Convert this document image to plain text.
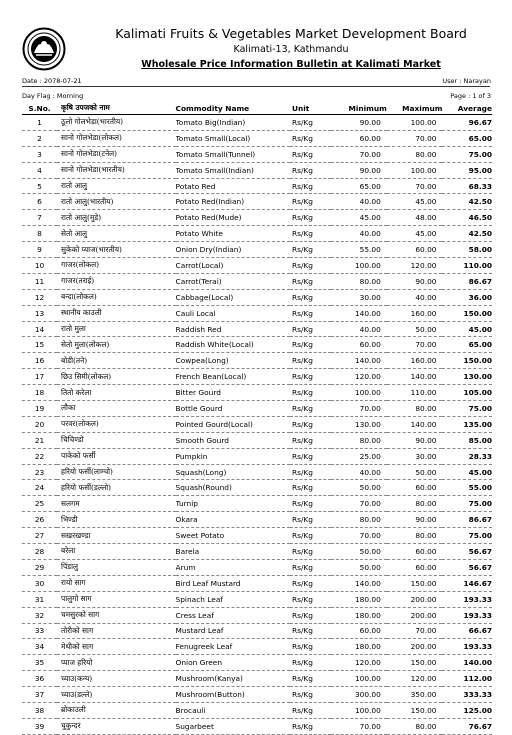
Kalimati Fruits & Vegetables Market Development Board
Kalimati-13, Kathmandu
Wholesale Price Information Bulletin at Kalimati Market
Date : 2078-07-21	User : Narayan
Day Flag : Morning	Page : 1 of 3
S.No.	कृषि उपजको नाम	Commodity Name	Unit	Minimum	Maximum	Average
1	ठूलो गोलभेडा(भारतीय)	Tomato Big(Indian)	Rs/Kg	90.00	100.00	96.67
2	सानो गोलभेडा(लोकल)	Tomato Small(Local)	Rs/Kg	60.00	70.00	65.00
3	सानो गोलभेडा(टनेल)	Tomato Small(Tunnel)	Rs/Kg	70.00	80.00	75.00
4	सानो गोलभेडा(भारतीय)	Tomato Small(Indian)	Rs/Kg	90.00	100.00	95.00
5	रातो आलु	Potato Red	Rs/Kg	65.00	70.00	68.33
6	रातो आलु(भारतीय)	Potato Red(Indian)	Rs/Kg	40.00	45.00	42.50
7	रातो आलु(मुडे)	Potato Red(Mude)	Rs/Kg	45.00	48.00	46.50
8	सेतो आलु	Potato White	Rs/Kg	40.00	45.00	42.50
9	सुकेको प्याज(भारतीय)	Onion Dry(Indian)	Rs/Kg	55.00	60.00	58.00
10	गाजर(लोकल)	Carrot(Local)	Rs/Kg	100.00	120.00	110.00
11	गाजर(तराई)	Carrot(Terai)	Rs/Kg	80.00	90.00	86.67
12	बन्दा(लोकल)	Cabbage(Local)	Rs/Kg	30.00	40.00	36.00
13	स्थानीय काउली	Cauli Local	Rs/Kg	140.00	160.00	150.00
14	रातो मुला	Raddish Red	Rs/Kg	40.00	50.00	45.00
15	सेतो मुला(लोकल)	Raddish White(Local)	Rs/Kg	60.00	70.00	65.00
16	बोडी(तने)	Cowpea(Long)	Rs/Kg	140.00	160.00	150.00
17	छिउ सिमी(लोकल)	French Bean(Local)	Rs/Kg	120.00	140.00	130.00
18	तितो करेला	Bitter Gourd	Rs/Kg	100.00	110.00	105.00
19	लौका	Bottle Gourd	Rs/Kg	70.00	80.00	75.00
20	परवर(लोकल)	Pointed Gourd(Local)	Rs/Kg	130.00	140.00	135.00
21	चिचिण्डो	Smooth Gourd	Rs/Kg	80.00	90.00	85.00
22	पाकेको फर्सी	Pumpkin	Rs/Kg	25.00	30.00	28.33
23	हरियो फर्सी(लाम्चो)	Squash(Long)	Rs/Kg	40.00	50.00	45.00
24	हरियो फर्सी(डल्लो)	Squash(Round)	Rs/Kg	50.00	60.00	55.00
25	सलगम	Turnip	Rs/Kg	70.00	80.00	75.00
26	भिण्डी	Okara	Rs/Kg	80.00	90.00	86.67
27	सखरखण्डा	Sweet Potato	Rs/Kg	70.00	80.00	75.00
28	बरेला	Barela	Rs/Kg	50.00	60.00	56.67
29	पिंडालु	Arum	Rs/Kg	50.00	60.00	56.67
30	रायो साग	Bird Leaf Mustard	Rs/Kg	140.00	150.00	146.67
31	पालुगो साग	Spinach Leaf	Rs/Kg	180.00	200.00	193.33
32	चमसुरको साग	Cress Leaf	Rs/Kg	180.00	200.00	193.33
33	तोरीको साग	Mustard Leaf	Rs/Kg	60.00	70.00	66.67
34	मेथीको साग	Fenugreek Leaf	Rs/Kg	180.00	200.00	193.33
35	प्याज हरियो	Onion Green	Rs/Kg	120.00	150.00	140.00
36	च्याउ(कन्य)	Mushroom(Kanya)	Rs/Kg	100.00	120.00	112.00
37	च्याउ(डल्ले)	Mushroom(Button)	Rs/Kg	300.00	350.00	333.33
38	ब्रोकाउली	Brocauli	Rs/Kg	100.00	150.00	125.00
39	चुकुन्दर	Sugarbeet	Rs/Kg	70.00	80.00	76.67
